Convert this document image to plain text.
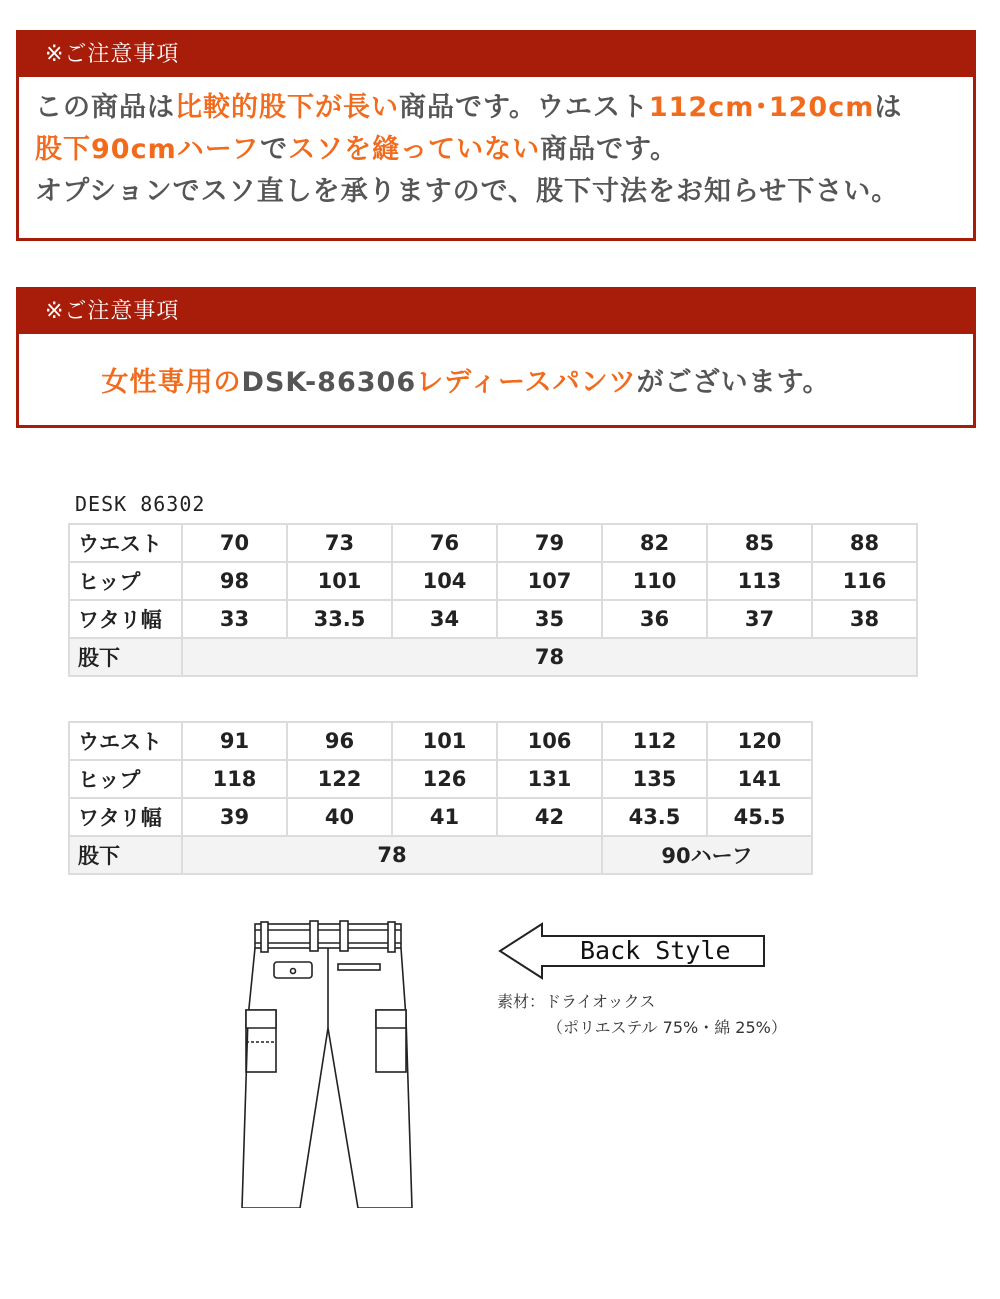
※ご注意事項
この商品は比較的股下が長い商品です。ウエスト112cm･120cmは
股下90cmハーフでスソを縫っていない商品です。
オプションでスソ直しを承りますので、股下寸法をお知らせ下さい。
※ご注意事項
女性専用のDSK-86306レディースパンツがございます。
DESK 86302
ウエスト	70	73	76	79	82	85	88
ヒップ	98	101	104	107	110	113	116
ワタリ幅	33	33.5	34	35	36	37	38
股下	78						
ウエスト	91	96	101	106	112	120
ヒップ	118	122	126	131	135	141
ワタリ幅	39	40	41	42	43.5	45.5
股下	78				90ハーフ	
Back Style
素材：ドライオックス
（ポリエステル 75%・綿 25%）
